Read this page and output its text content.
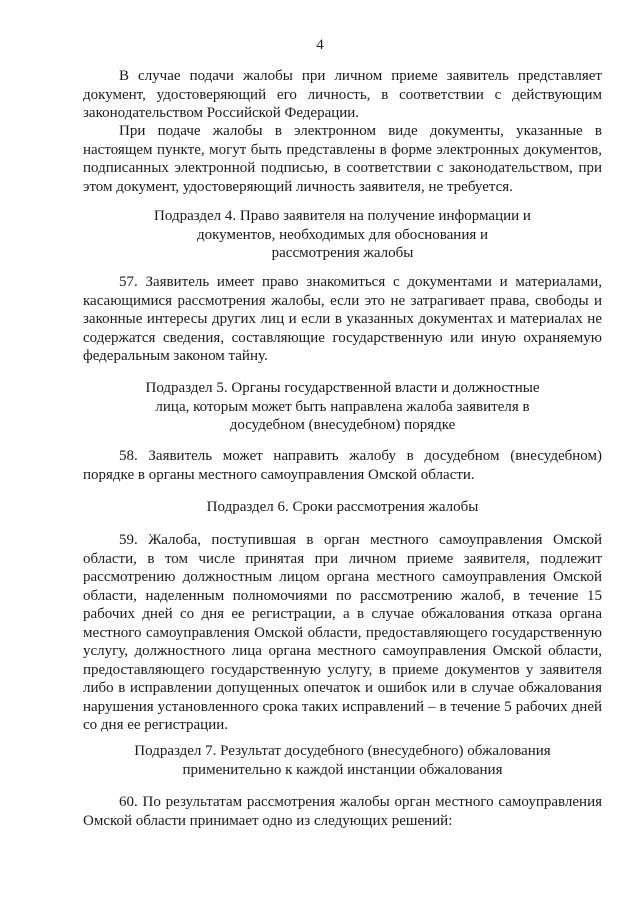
4

В случае подачи жалобы при личном приеме заявитель представляет документ, удостоверяющий его личность, в соответствии с действующим законодательством Российской Федерации.

При подаче жалобы в электронном виде документы, указанные в настоящем пункте, могут быть представлены в форме электронных документов, подписанных электронной подписью, в соответствии с законодательством, при этом документ, удостоверяющий личность заявителя, не требуется.

Подраздел 4. Право заявителя на получение информации и
документов, необходимых для обоснования и
рассмотрения жалобы

57. Заявитель имеет право знакомиться с документами и материалами, касающимися рассмотрения жалобы, если это не затрагивает права, свободы и законные интересы других лиц и если в указанных документах и материалах не содержатся сведения, составляющие государственную или иную охраняемую федеральным законом тайну.

Подраздел 5. Органы государственной власти и должностные
лица, которым может быть направлена жалоба заявителя в
досудебном (внесудебном) порядке

58. Заявитель может направить жалобу в досудебном (внесудебном) порядке в органы местного самоуправления Омской области.

Подраздел 6. Сроки рассмотрения жалобы

59. Жалоба, поступившая в орган местного самоуправления Омской области, в том числе принятая при личном приеме заявителя, подлежит рассмотрению должностным лицом органа местного самоуправления Омской области, наделенным полномочиями по рассмотрению жалоб, в течение 15 рабочих дней со дня ее регистрации, а в случае обжалования отказа органа местного самоуправления Омской области, предоставляющего государственную услугу, должностного лица органа местного самоуправления Омской области, предоставляющего государственную услугу, в приеме документов у заявителя либо в исправлении допущенных опечаток и ошибок или в случае обжалования нарушения установленного срока таких исправлений – в течение 5 рабочих дней со дня ее регистрации.

Подраздел 7. Результат досудебного (внесудебного) обжалования
применительно к каждой инстанции обжалования

60. По результатам рассмотрения жалобы орган местного самоуправления Омской области принимает одно из следующих решений:
